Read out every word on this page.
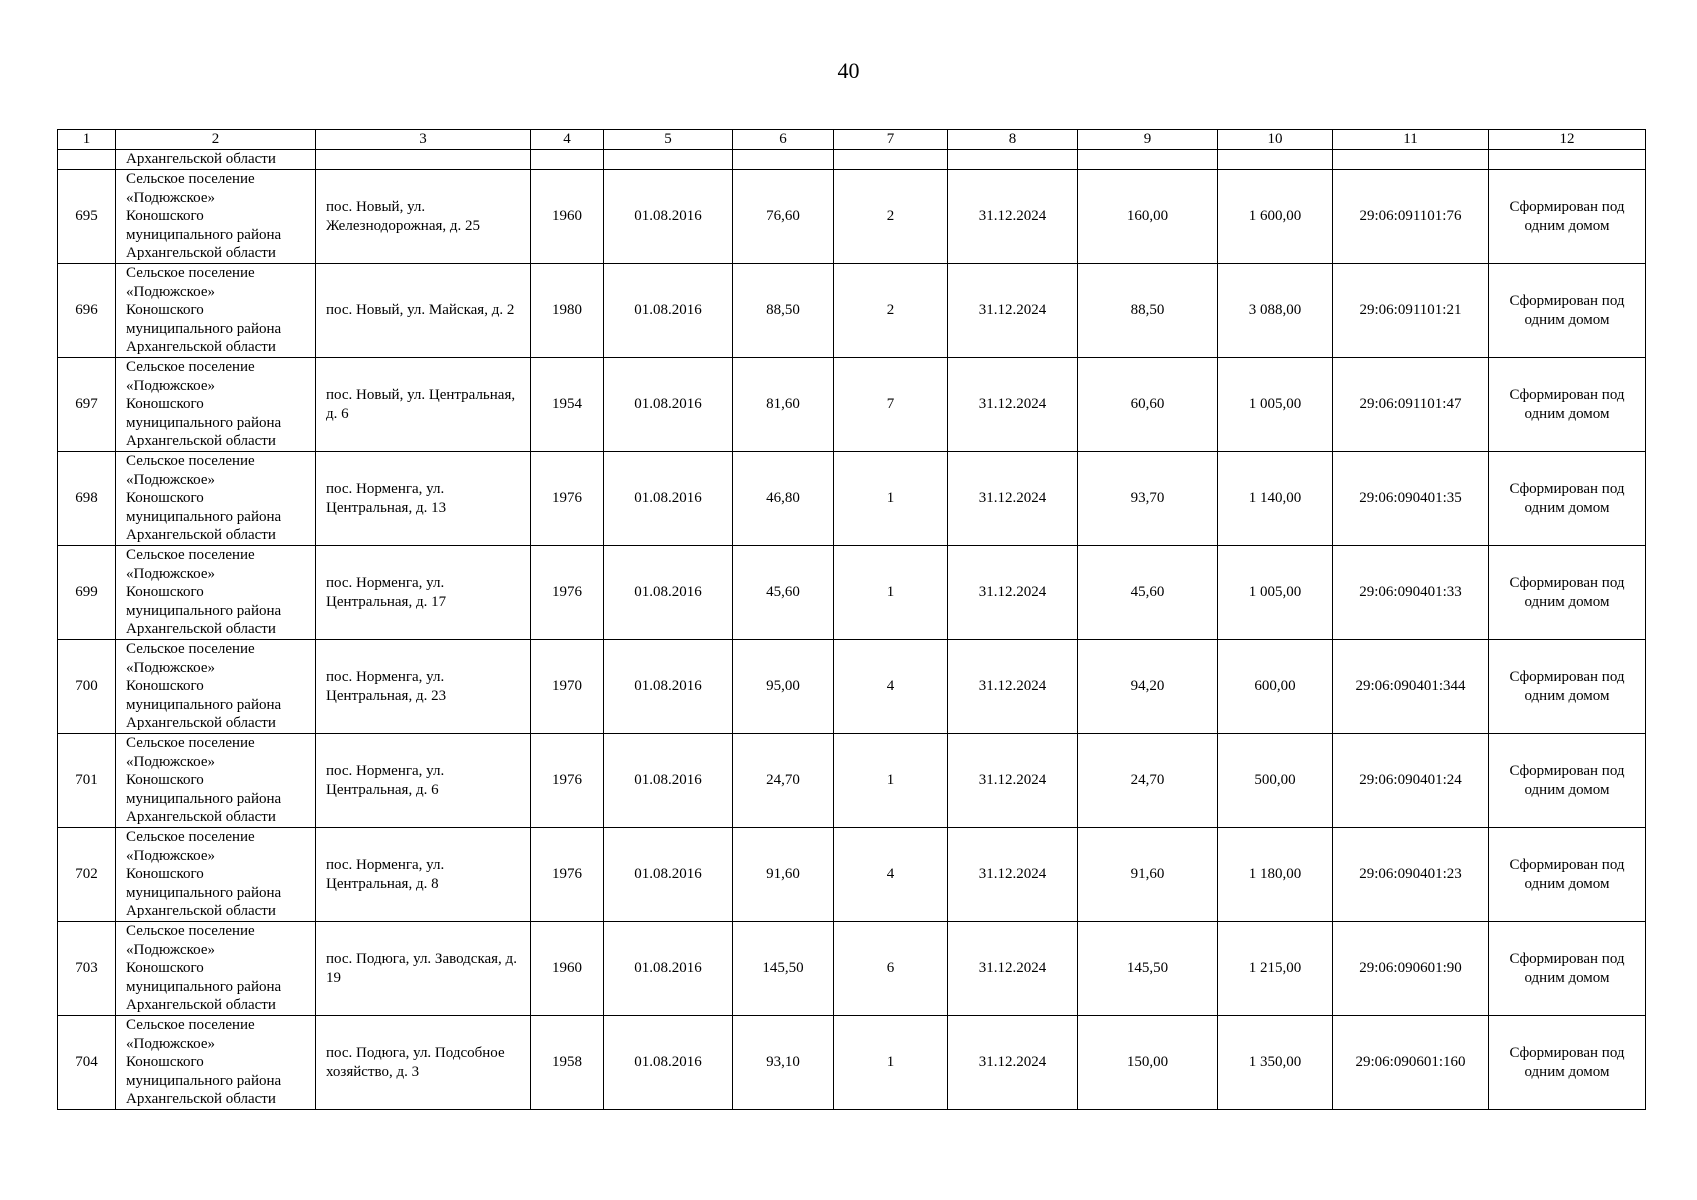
40
1	2	3	4	5	6	7	8	9	10	11	12
	Архангельской области										
695	Сельское поселение
«Подюжское»
Коношского
муниципального района
Архангельской области	пос. Новый, ул. Железнодорожная, д. 25	1960	01.08.2016	76,60	2	31.12.2024	160,00	1 600,00	29:06:091101:76	Сформирован под одним домом
696	Сельское поселение
«Подюжское»
Коношского
муниципального района
Архангельской области	пос. Новый, ул. Майская, д. 2	1980	01.08.2016	88,50	2	31.12.2024	88,50	3 088,00	29:06:091101:21	Сформирован под одним домом
697	Сельское поселение
«Подюжское»
Коношского
муниципального района
Архангельской области	пос. Новый, ул. Центральная, д. 6	1954	01.08.2016	81,60	7	31.12.2024	60,60	1 005,00	29:06:091101:47	Сформирован под одним домом
698	Сельское поселение
«Подюжское»
Коношского
муниципального района
Архангельской области	пос. Норменга, ул. Центральная, д. 13	1976	01.08.2016	46,80	1	31.12.2024	93,70	1 140,00	29:06:090401:35	Сформирован под одним домом
699	Сельское поселение
«Подюжское»
Коношского
муниципального района
Архангельской области	пос. Норменга, ул. Центральная, д. 17	1976	01.08.2016	45,60	1	31.12.2024	45,60	1 005,00	29:06:090401:33	Сформирован под одним домом
700	Сельское поселение
«Подюжское»
Коношского
муниципального района
Архангельской области	пос. Норменга, ул. Центральная, д. 23	1970	01.08.2016	95,00	4	31.12.2024	94,20	600,00	29:06:090401:344	Сформирован под одним домом
701	Сельское поселение
«Подюжское»
Коношского
муниципального района
Архангельской области	пос. Норменга, ул. Центральная, д. 6	1976	01.08.2016	24,70	1	31.12.2024	24,70	500,00	29:06:090401:24	Сформирован под одним домом
702	Сельское поселение
«Подюжское»
Коношского
муниципального района
Архангельской области	пос. Норменга, ул. Центральная, д. 8	1976	01.08.2016	91,60	4	31.12.2024	91,60	1 180,00	29:06:090401:23	Сформирован под одним домом
703	Сельское поселение
«Подюжское»
Коношского
муниципального района
Архангельской области	пос. Подюга, ул. Заводская, д. 19	1960	01.08.2016	145,50	6	31.12.2024	145,50	1 215,00	29:06:090601:90	Сформирован под одним домом
704	Сельское поселение
«Подюжское»
Коношского
муниципального района
Архангельской области	пос. Подюга, ул. Подсобное хозяйство, д. 3	1958	01.08.2016	93,10	1	31.12.2024	150,00	1 350,00	29:06:090601:160	Сформирован под одним домом
